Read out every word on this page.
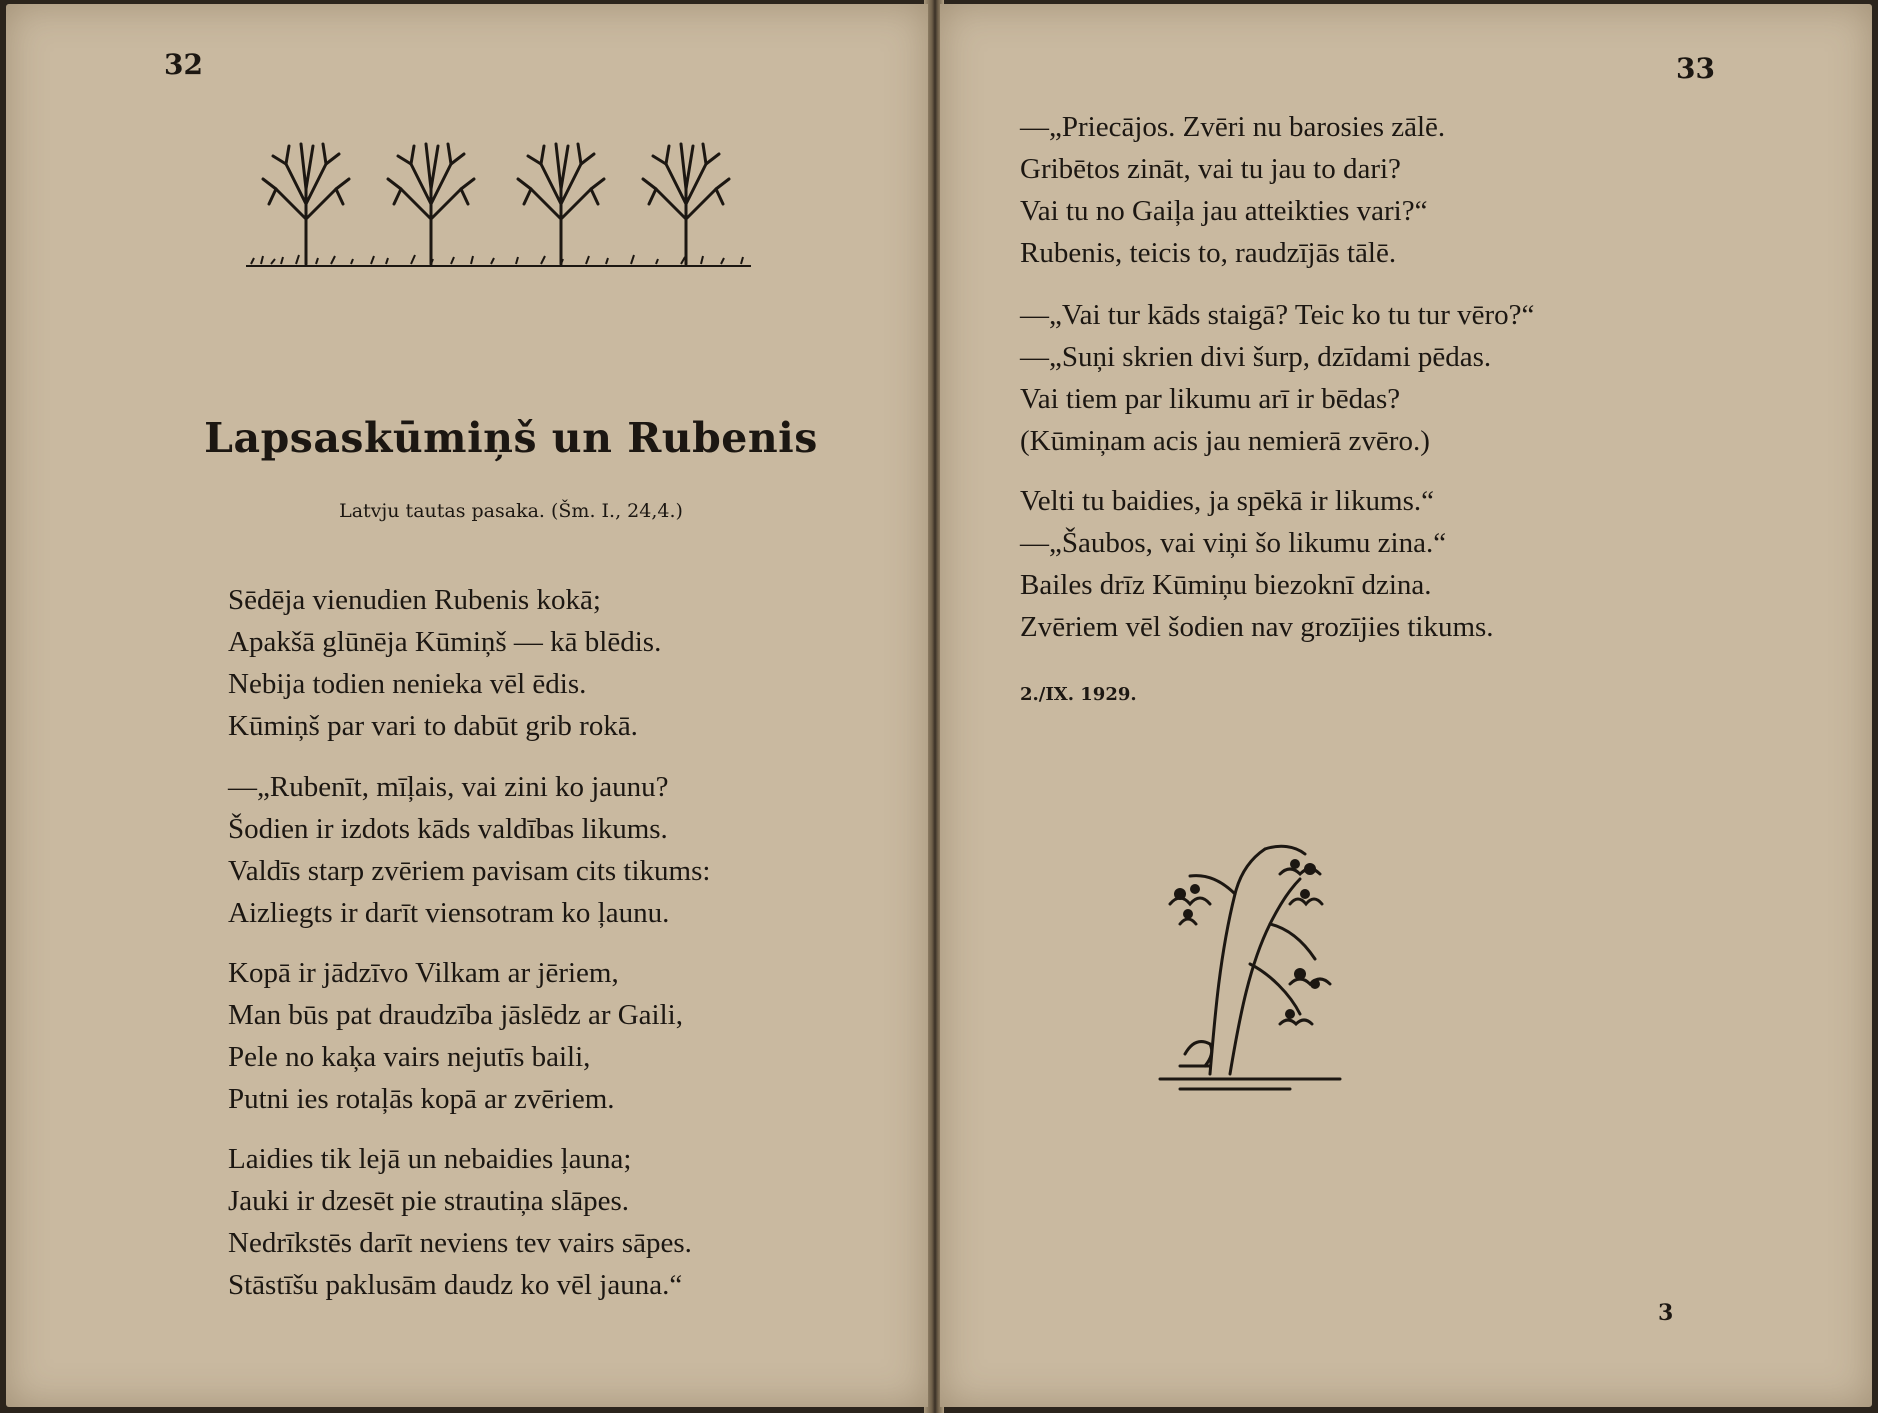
32
Lapsaskūmiņš un Rubenis
Latvju tautas pasaka. (Šm. I., 24,4.)
Sēdēja vienudien Rubenis kokā;
Apakšā glūnēja Kūmiņš — kā blēdis.
Nebija todien nenieka vēl ēdis.
Kūmiņš par vari to dabūt grib rokā.
—„Rubenīt, mīļais, vai zini ko jaunu?
Šodien ir izdots kāds valdības likums.
Valdīs starp zvēriem pavisam cits tikums:
Aizliegts ir darīt viensotram ko ļaunu.
Kopā ir jādzīvo Vilkam ar jēriem,
Man būs pat draudzība jāslēdz ar Gaili,
Pele no kaķa vairs nejutīs baili,
Putni ies rotaļās kopā ar zvēriem.
Laidies tik lejā un nebaidies ļauna;
Jauki ir dzesēt pie strautiņa slāpes.
Nedrīkstēs darīt neviens tev vairs sāpes.
Stāstīšu paklusām daudz ko vēl jauna.“
33
—„Priecājos. Zvēri nu barosies zālē.
Gribētos zināt, vai tu jau to dari?
Vai tu no Gaiļa jau atteikties vari?“
Rubenis, teicis to, raudzījās tālē.
—„Vai tur kāds staigā? Teic ko tu tur vēro?“
—„Suņi skrien divi šurp, dzīdami pēdas.
Vai tiem par likumu arī ir bēdas?
(Kūmiņam acis jau nemierā zvēro.)
Velti tu baidies, ja spēkā ir likums.“
—„Šaubos, vai viņi šo likumu zina.“
Bailes drīz Kūmiņu biezoknī dzina.
Zvēriem vēl šodien nav grozījies tikums.
2./IX. 1929.
3
